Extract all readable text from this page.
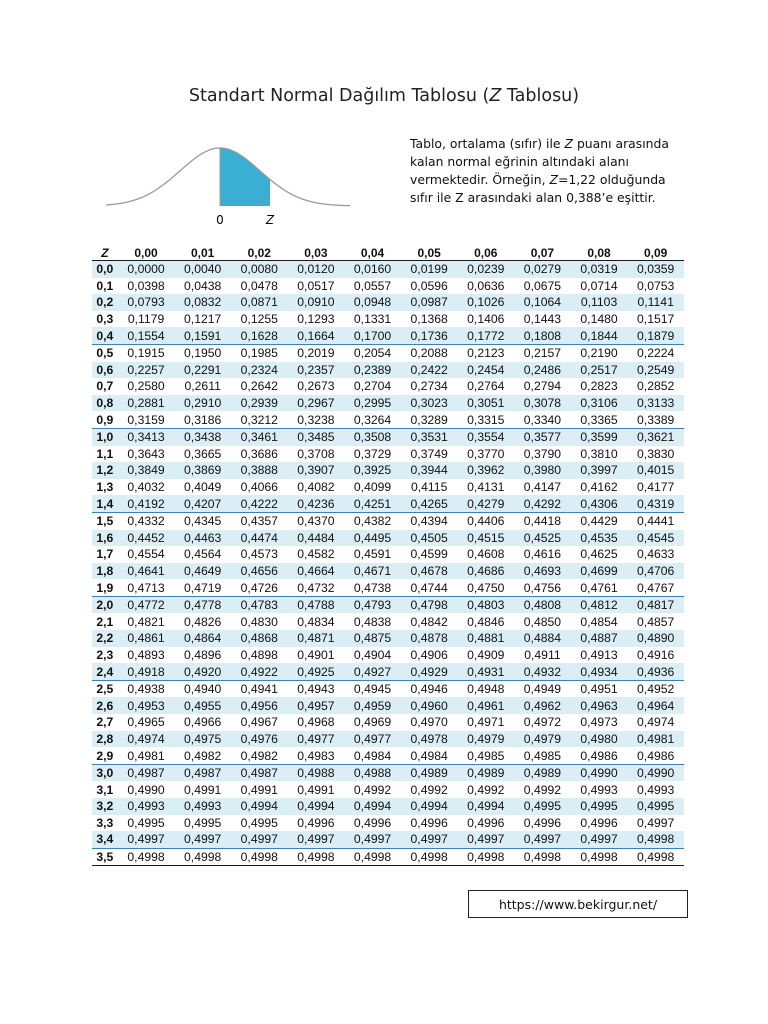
Standart Normal Dağılım Tablosu (Z Tablosu)
0	Z
Tablo, ortalama (sıfır) ile Z puanı arasında
kalan normal eğrinin altındaki alanı
vermektedir. Örneğin, Z=1,22 olduğunda
sıfır ile Z arasındaki alan 0,388’e eşittir.
Z	0,00	0,01	0,02	0,03	0,04	0,05	0,06	0,07	0,08	0,09
0,0	0,0000	0,0040	0,0080	0,0120	0,0160	0,0199	0,0239	0,0279	0,0319	0,0359
0,1	0,0398	0,0438	0,0478	0,0517	0,0557	0,0596	0,0636	0,0675	0,0714	0,0753
0,2	0,0793	0,0832	0,0871	0,0910	0,0948	0,0987	0,1026	0,1064	0,1103	0,1141
0,3	0,1179	0,1217	0,1255	0,1293	0,1331	0,1368	0,1406	0,1443	0,1480	0,1517
0,4	0,1554	0,1591	0,1628	0,1664	0,1700	0,1736	0,1772	0,1808	0,1844	0,1879
0,5	0,1915	0,1950	0,1985	0,2019	0,2054	0,2088	0,2123	0,2157	0,2190	0,2224
0,6	0,2257	0,2291	0,2324	0,2357	0,2389	0,2422	0,2454	0,2486	0,2517	0,2549
0,7	0,2580	0,2611	0,2642	0,2673	0,2704	0,2734	0,2764	0,2794	0,2823	0,2852
0,8	0,2881	0,2910	0,2939	0,2967	0,2995	0,3023	0,3051	0,3078	0,3106	0,3133
0,9	0,3159	0,3186	0,3212	0,3238	0,3264	0,3289	0,3315	0,3340	0,3365	0,3389
1,0	0,3413	0,3438	0,3461	0,3485	0,3508	0,3531	0,3554	0,3577	0,3599	0,3621
1,1	0,3643	0,3665	0,3686	0,3708	0,3729	0,3749	0,3770	0,3790	0,3810	0,3830
1,2	0,3849	0,3869	0,3888	0,3907	0,3925	0,3944	0,3962	0,3980	0,3997	0,4015
1,3	0,4032	0,4049	0,4066	0,4082	0,4099	0,4115	0,4131	0,4147	0,4162	0,4177
1,4	0,4192	0,4207	0,4222	0,4236	0,4251	0,4265	0,4279	0,4292	0,4306	0,4319
1,5	0,4332	0,4345	0,4357	0,4370	0,4382	0,4394	0,4406	0,4418	0,4429	0,4441
1,6	0,4452	0,4463	0,4474	0,4484	0,4495	0,4505	0,4515	0,4525	0,4535	0,4545
1,7	0,4554	0,4564	0,4573	0,4582	0,4591	0,4599	0,4608	0,4616	0,4625	0,4633
1,8	0,4641	0,4649	0,4656	0,4664	0,4671	0,4678	0,4686	0,4693	0,4699	0,4706
1,9	0,4713	0,4719	0,4726	0,4732	0,4738	0,4744	0,4750	0,4756	0,4761	0,4767
2,0	0,4772	0,4778	0,4783	0,4788	0,4793	0,4798	0,4803	0,4808	0,4812	0,4817
2,1	0,4821	0,4826	0,4830	0,4834	0,4838	0,4842	0,4846	0,4850	0,4854	0,4857
2,2	0,4861	0,4864	0,4868	0,4871	0,4875	0,4878	0,4881	0,4884	0,4887	0,4890
2,3	0,4893	0,4896	0,4898	0,4901	0,4904	0,4906	0,4909	0,4911	0,4913	0,4916
2,4	0,4918	0,4920	0,4922	0,4925	0,4927	0,4929	0,4931	0,4932	0,4934	0,4936
2,5	0,4938	0,4940	0,4941	0,4943	0,4945	0,4946	0,4948	0,4949	0,4951	0,4952
2,6	0,4953	0,4955	0,4956	0,4957	0,4959	0,4960	0,4961	0,4962	0,4963	0,4964
2,7	0,4965	0,4966	0,4967	0,4968	0,4969	0,4970	0,4971	0,4972	0,4973	0,4974
2,8	0,4974	0,4975	0,4976	0,4977	0,4977	0,4978	0,4979	0,4979	0,4980	0,4981
2,9	0,4981	0,4982	0,4982	0,4983	0,4984	0,4984	0,4985	0,4985	0,4986	0,4986
3,0	0,4987	0,4987	0,4987	0,4988	0,4988	0,4989	0,4989	0,4989	0,4990	0,4990
3,1	0,4990	0,4991	0,4991	0,4991	0,4992	0,4992	0,4992	0,4992	0,4993	0,4993
3,2	0,4993	0,4993	0,4994	0,4994	0,4994	0,4994	0,4994	0,4995	0,4995	0,4995
3,3	0,4995	0,4995	0,4995	0,4996	0,4996	0,4996	0,4996	0,4996	0,4996	0,4997
3,4	0,4997	0,4997	0,4997	0,4997	0,4997	0,4997	0,4997	0,4997	0,4997	0,4998
3,5	0,4998	0,4998	0,4998	0,4998	0,4998	0,4998	0,4998	0,4998	0,4998	0,4998
https://www.bekirgur.net/
